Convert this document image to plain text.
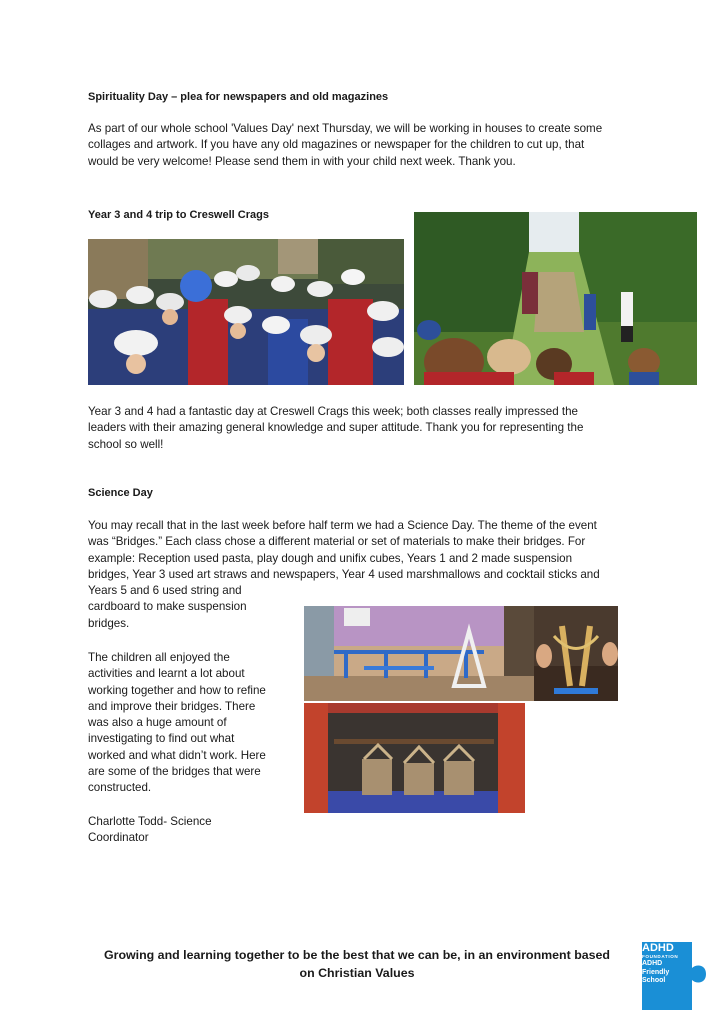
Spirituality Day – plea for newspapers and old magazines
As part of our whole school 'Values Day' next Thursday, we will be working in houses to create some
collages and artwork. If you have any old magazines or newspaper for the children to cut up, that
would be very welcome! Please send them in with your child next week. Thank you.
Year 3 and 4 trip to Creswell Crags
Year 3 and 4 had a fantastic day at Creswell Crags this week; both classes really impressed the
leaders with their amazing general knowledge and super attitude. Thank you for representing the
school so well!
Science Day
You may recall that in the last week before half term we had a Science Day. The theme of the event
was “Bridges.” Each class chose a different material or set of materials to make their bridges. For
example: Reception used pasta, play dough and unifix cubes, Years 1 and 2 made suspension
bridges, Year 3 used art straws and newspapers, Year 4 used marshmallows and cocktail sticks and
Years 5 and 6 used string and
cardboard to make suspension
bridges.
The children all enjoyed the
activities and learnt a lot about
working together and how to refine
and improve their bridges. There
was also a huge amount of
investigating to find out what
worked and what didn’t work. Here
are some of the bridges that were
constructed.
Charlotte Todd- Science
Coordinator
Growing and learning together to be the best that we can be, in an environment based
on Christian Values
ADHD
FOUNDATION
ADHD
Friendly
School
